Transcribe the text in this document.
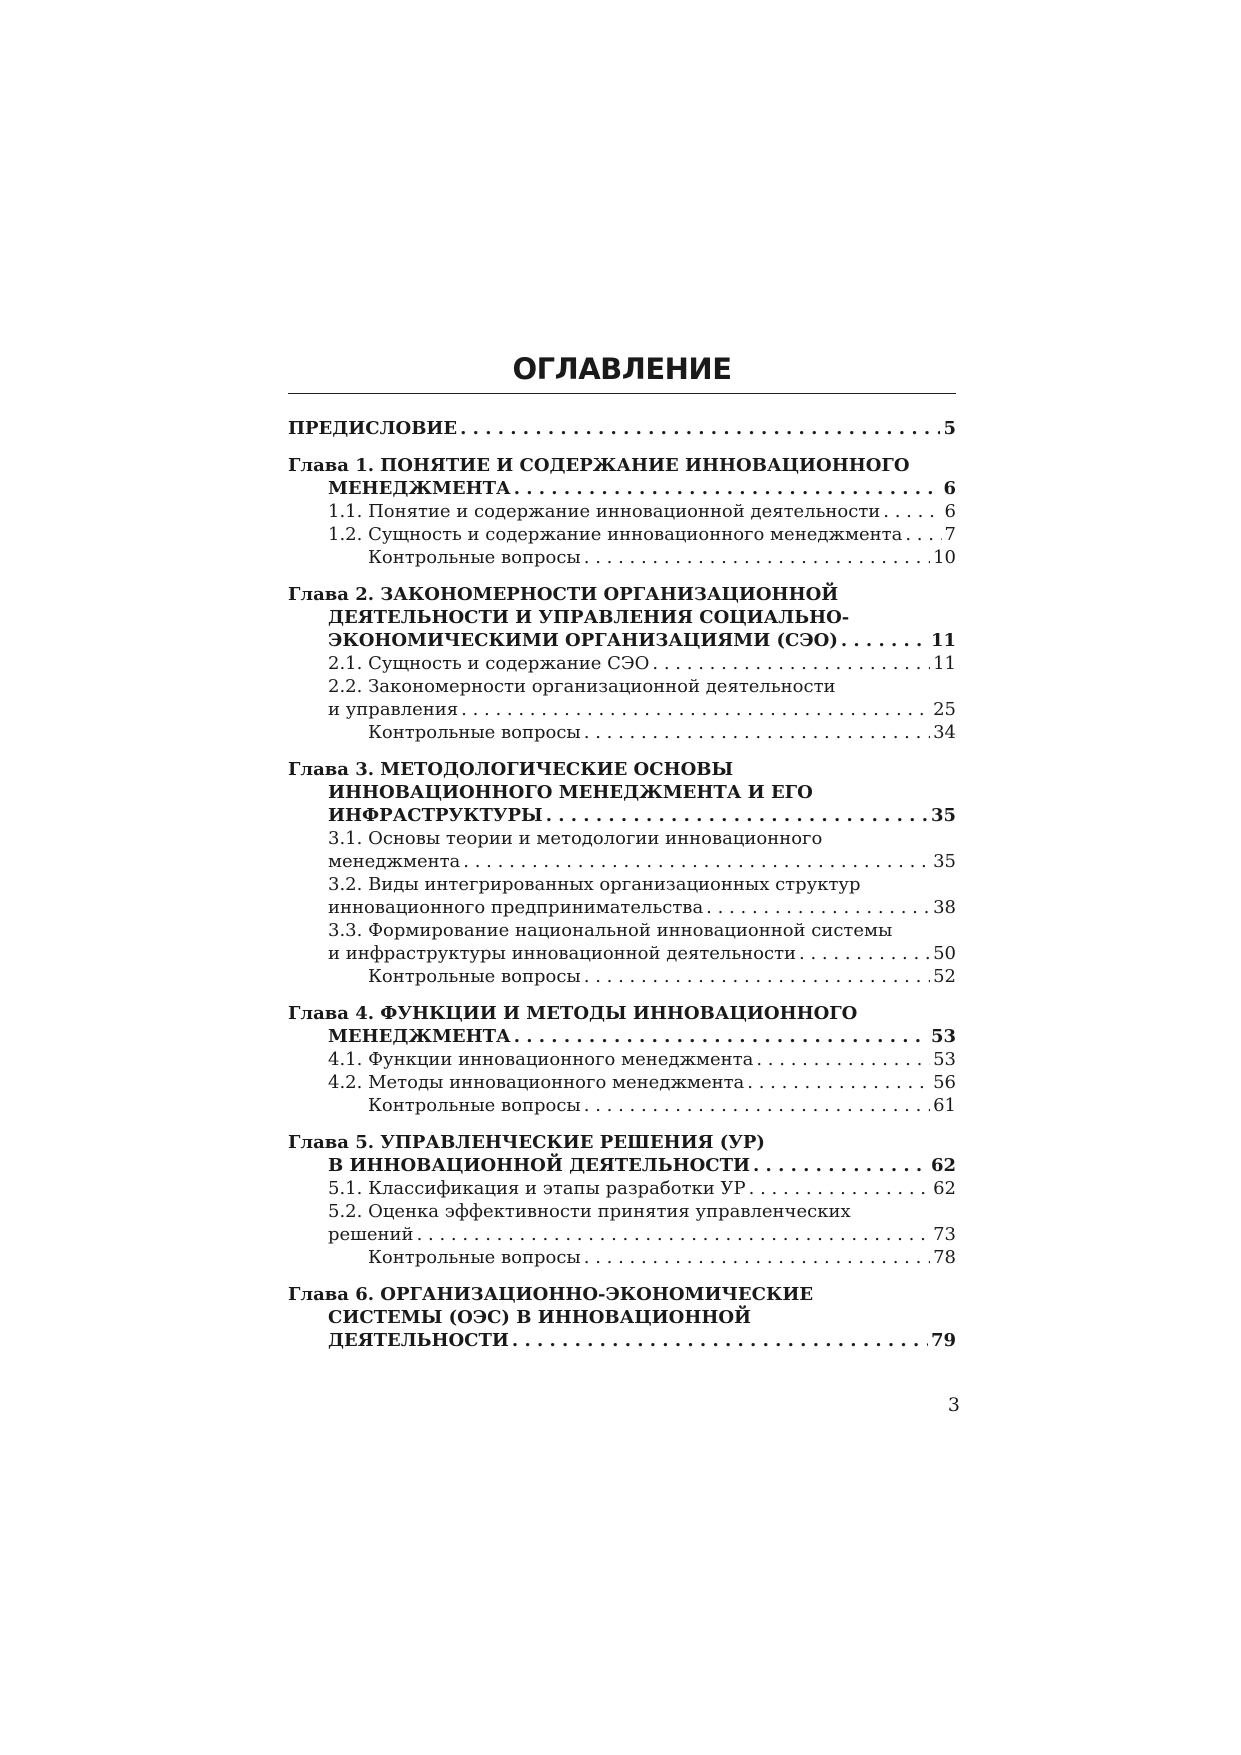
ОГЛАВЛЕНИЕ
ПРЕДИСЛОВИЕ . . .	5
Глава 1. ПОНЯТИЕ И СОДЕРЖАНИЕ ИННОВАЦИОННОГО
МЕНЕДЖМЕНТА . . .	6
1.1. Понятие и содержание инновационной деятельности . . .	6
1.2. Сущность и содержание инновационного менеджмента . . . 7
Контрольные вопросы . . .	10
Глава 2. ЗАКОНОМЕРНОСТИ ОРГАНИЗАЦИОННОЙ
ДЕЯТЕЛЬНОСТИ И УПРАВЛЕНИЯ СОЦИАЛЬНО-
ЭКОНОМИЧЕСКИМИ ОРГАНИЗАЦИЯМИ (СЭО) . . .	11
2.1. Сущность и содержание СЭО . . .	11
2.2. Закономерности организационной деятельности
и управления . . .	25
Контрольные вопросы . . .	34
Глава 3. МЕТОДОЛОГИЧЕСКИЕ ОСНОВЫ
ИННОВАЦИОННОГО МЕНЕДЖМЕНТА И ЕГО
ИНФРАСТРУКТУРЫ . . .	35
3.1. Основы теории и методологии инновационного
менеджмента . . .	35
3.2. Виды интегрированных организационных структур
инновационного предпринимательства . . .	38
3.3. Формирование национальной инновационной системы
и инфраструктуры инновационной деятельности . . .	50
Контрольные вопросы . . .	52
Глава 4. ФУНКЦИИ И МЕТОДЫ ИННОВАЦИОННОГО
МЕНЕДЖМЕНТА . . .	53
4.1. Функции инновационного менеджмента . . .	53
4.2. Методы инновационного менеджмента . . .	56
Контрольные вопросы . . .	61
Глава 5. УПРАВЛЕНЧЕСКИЕ РЕШЕНИЯ (УР)
В ИННОВАЦИОННОЙ ДЕЯТЕЛЬНОСТИ . . .	62
5.1. Классификация и этапы разработки УР . . .	62
5.2. Оценка эффективности принятия управленческих
решений . . .	73
Контрольные вопросы . . .	78
Глава 6. ОРГАНИЗАЦИОННО-ЭКОНОМИЧЕСКИЕ
СИСТЕМЫ (ОЭС) В ИННОВАЦИОННОЙ
ДЕЯТЕЛЬНОСТИ . . .	79
3
